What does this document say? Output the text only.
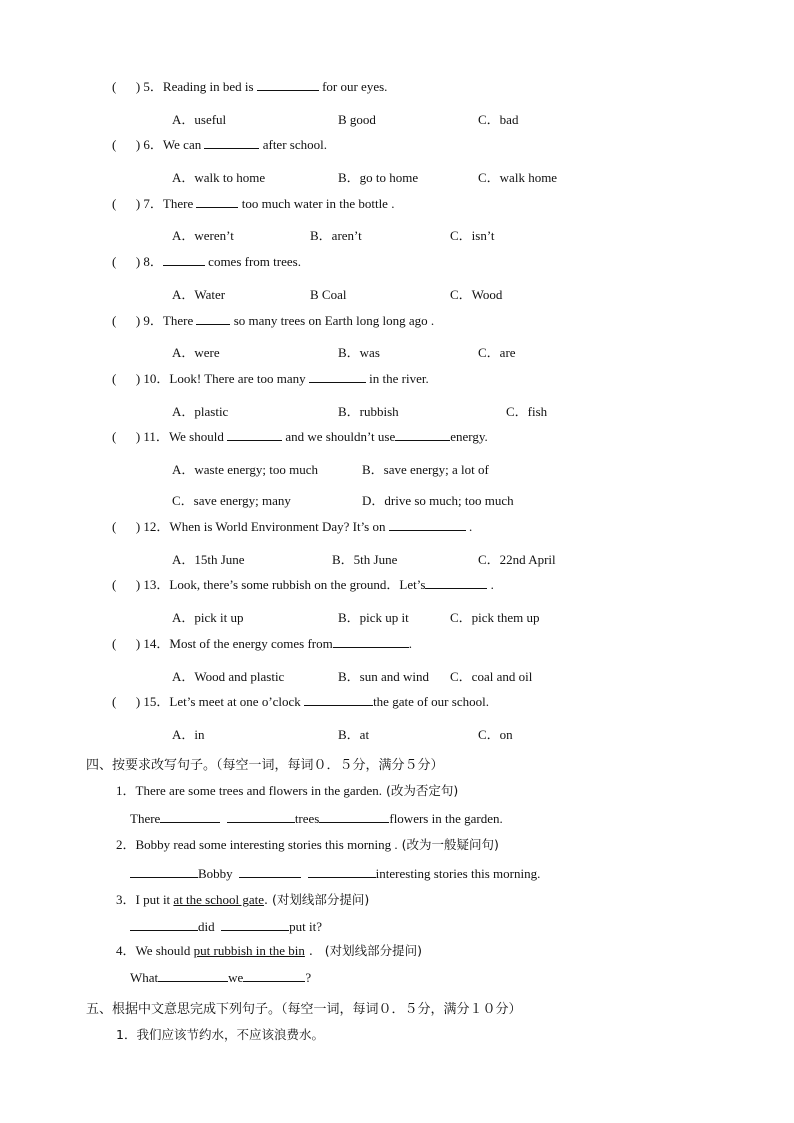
(      ) 5．Reading in bed is	for our eyes.
A．useful	B good	C．bad
(      ) 6．We can	after school.
A．walk to home	B．go to home	C．walk home
(      ) 7．There	too much water in the bottle .
A．weren’t	B．aren’t	C．isn’t
(      ) 8．	comes from trees.
A．Water	B Coal	C．Wood
(      ) 9．There	so many trees on Earth long long ago .
A．were	B．was	C．are
(      ) 10．Look! There are too many	in the river.
A．plastic	B．rubbish	C．fish
(      ) 11．We should	and we shouldn’t use	energy.
A．waste energy; too much	B．save energy; a lot of
C．save energy; many	D．drive so much; too much
(      ) 12．When is World Environment Day? It’s on	.
A．15th June	B．5th June	C．22nd April
(      ) 13．Look, there’s some rubbish on the ground．Let’s	.
A．pick it up	B．pick up it	C．pick them up
(      ) 14．Most of the energy comes from	.
A．Wood and plastic	B．sun and wind C．coal and oil
(      ) 15．Let’s meet at one o’clock	the gate of our school.
A．in	B．at	C．on
四、按要求改写句子。（每空一词，每词０．５分，满分５分）
1．There are some trees and flowers in the garden. (改为否定句)
There	trees	flowers in the garden.
2．Bobby read some interesting stories this morning . (改为一般疑问句)
Bobby	interesting stories this morning.
3．I put it at the school gate. (对划线部分提问)
did	put it?
4．We should put rubbish in the bin .   (对划线部分提问)
What	we	?
五、根据中文意思完成下列句子。（每空一词，每词０．５分，满分１０分）
1．我们应该节约水，不应该浪费水。
